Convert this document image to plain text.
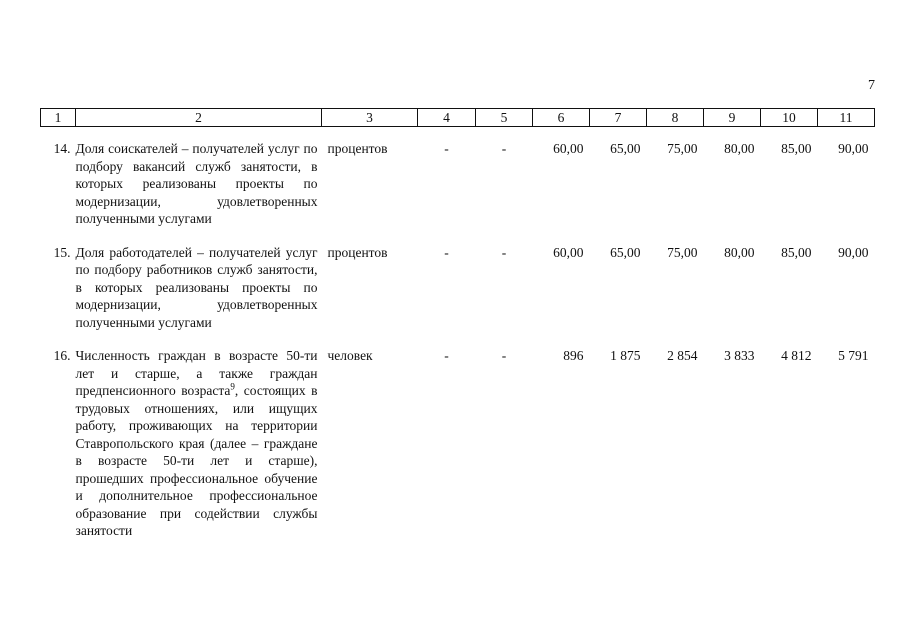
7
1	2	3	4	5	6	7	8	9	10	11
14.	Доля соискателей – получателей услуг по подбору вакансий служб занятости, в которых реализованы проекты по модернизации, удовлетворенных полученными услугами	процентов	-	-	60,00	65,00	75,00	80,00	85,00	90,00
15.	Доля работодателей – получателей услуг по подбору работников служб занятости, в которых реализованы проекты по модернизации, удовлетворенных полученными услугами	процентов	-	-	60,00	65,00	75,00	80,00	85,00	90,00
16.	Численность граждан в возрасте 50-ти лет и старше, а также граждан предпенсионного возраста$^9$, состоящих в трудовых отношениях, или ищущих работу, проживающих на территории Ставропольского края (далее – граждане в возрасте 50-ти лет и старше), прошедших профессиональное обучение и дополнительное профессиональное образование при содействии службы занятости	человек	-	-	896	1 875	2 854	3 833	4 812	5 791
